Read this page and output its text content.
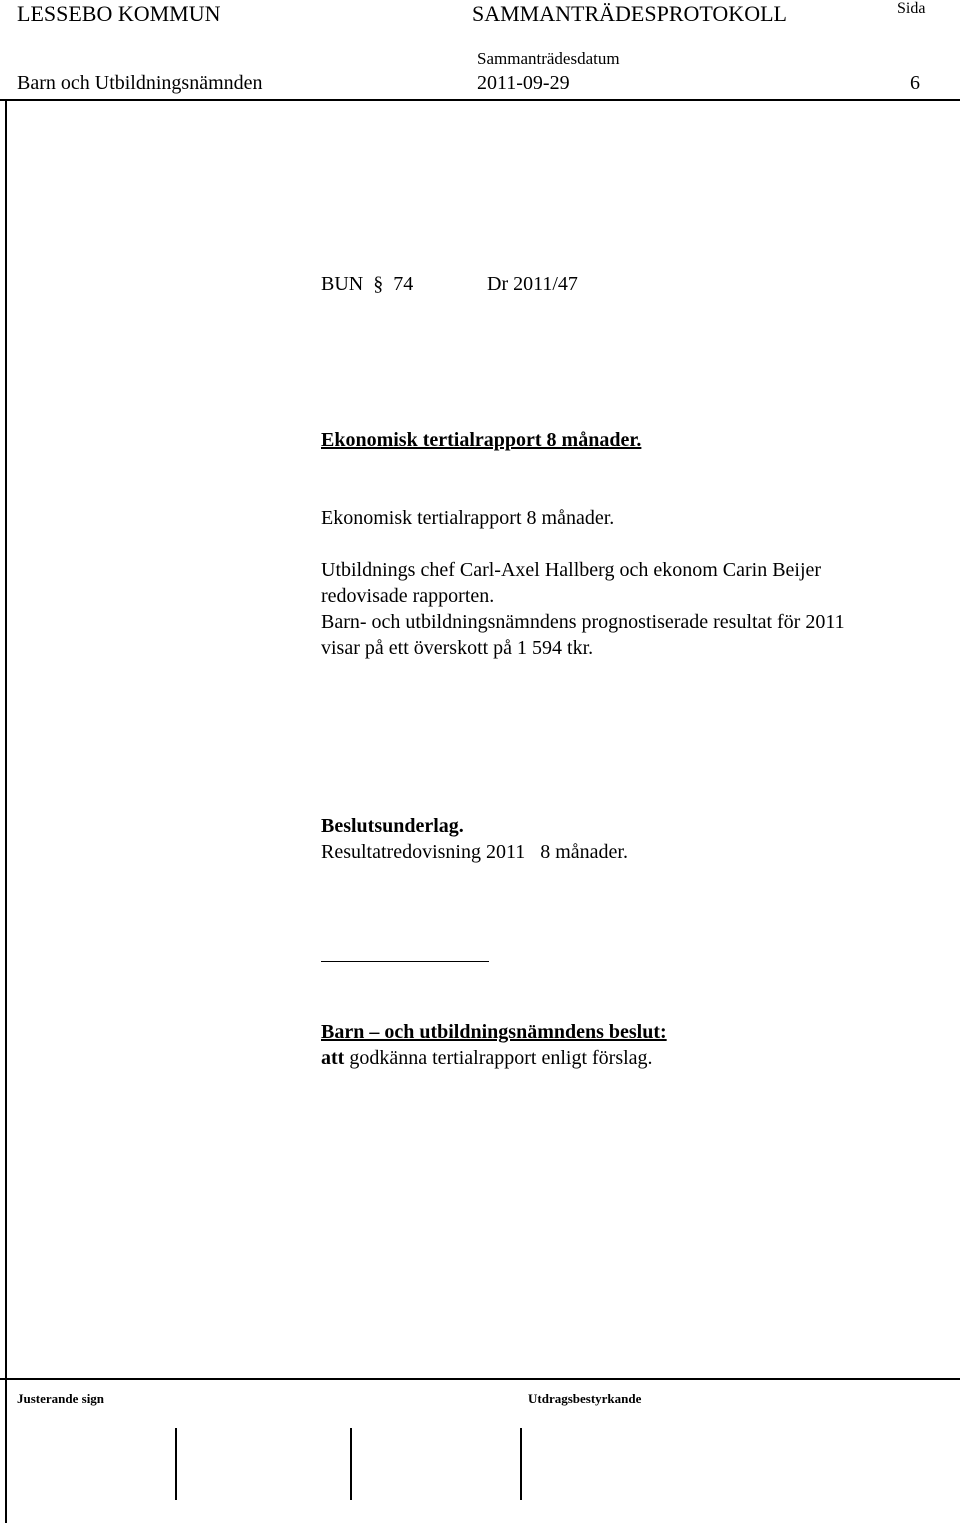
LESSEBO KOMMUN	SAMMANTRÄDESPROTOKOLL	Sida
Sammanträdesdatum
Barn och Utbildningsnämnden	2011-09-29	6
BUN § 74	Dr 2011/47
Ekonomisk tertialrapport 8 månader.
Ekonomisk tertialrapport 8 månader.
Utbildnings chef Carl-Axel Hallberg och ekonom Carin Beijer
redovisade rapporten.
Barn- och utbildningsnämndens prognostiserade resultat för 2011
visar på ett överskott på 1 594 tkr.
Beslutsunderlag.
Resultatredovisning 2011   8 månader.
Barn – och utbildningsnämndens beslut:
att godkänna tertialrapport enligt förslag.
Justerande sign	Utdragsbestyrkande
